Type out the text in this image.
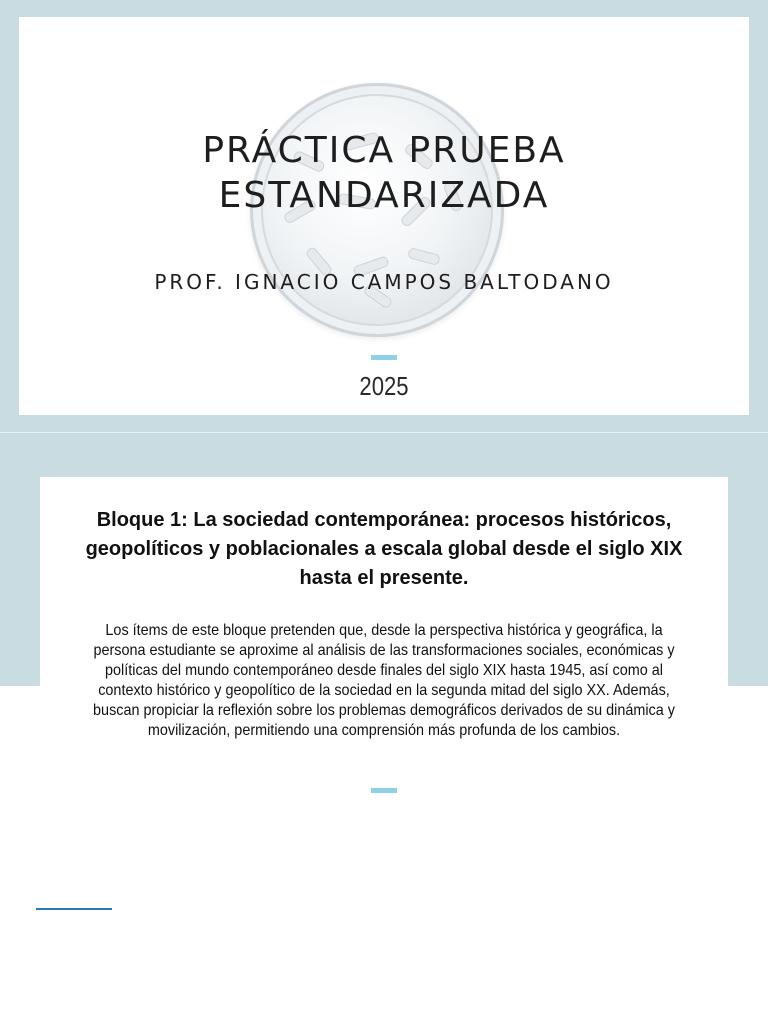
PRÁCTICA PRUEBA
ESTANDARIZADA
PROF. IGNACIO CAMPOS BALTODANO
2025
Bloque 1: La sociedad contemporánea: procesos históricos, geopolíticos y poblacionales a escala global desde el siglo XIX hasta el presente.
Los ítems de este bloque pretenden que, desde la perspectiva histórica y geográfica, la persona estudiante se aproxime al análisis de las transformaciones sociales, económicas y políticas del mundo contemporáneo desde finales del siglo XIX hasta 1945, así como al contexto histórico y geopolítico de la sociedad en la segunda mitad del siglo XX. Además, buscan propiciar la reflexión sobre los problemas demográficos derivados de su dinámica y movilización, permitiendo una comprensión más profunda de los cambios.
